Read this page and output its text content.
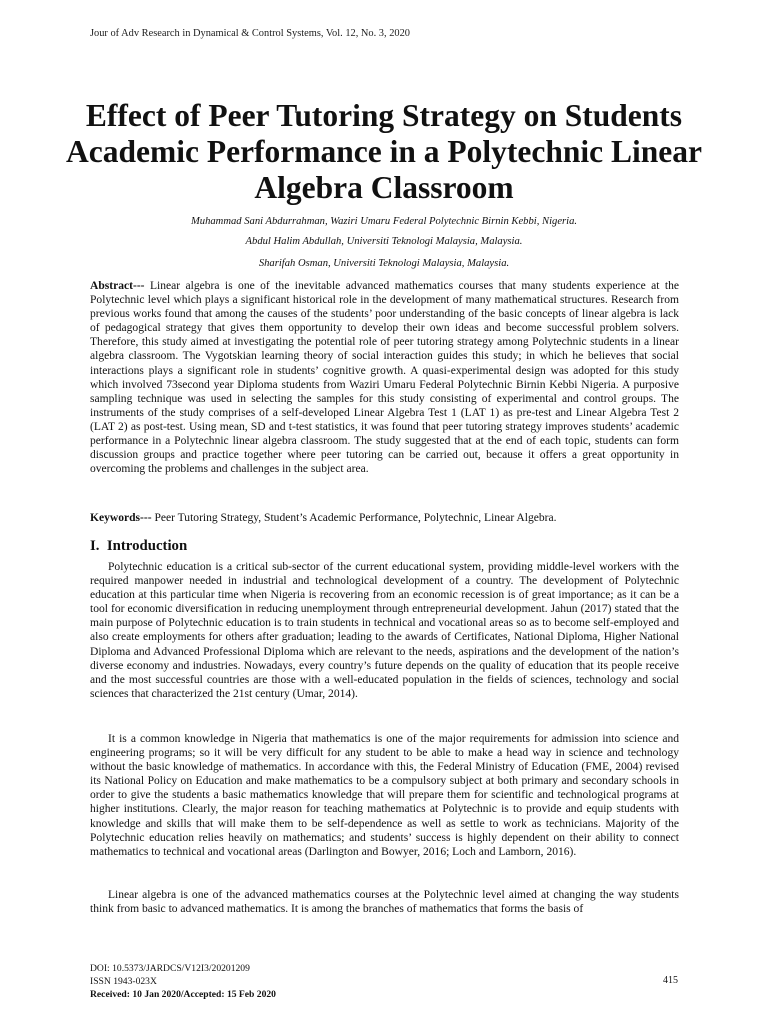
Jour of Adv Research in Dynamical & Control Systems, Vol. 12, No. 3, 2020
Effect of Peer Tutoring Strategy on Students Academic Performance in a Polytechnic Linear Algebra Classroom
Muhammad Sani Abdurrahman, Waziri Umaru Federal Polytechnic Birnin Kebbi, Nigeria.
Abdul Halim Abdullah, Universiti Teknologi Malaysia, Malaysia.
Sharifah Osman, Universiti Teknologi Malaysia, Malaysia.

Abstract--- Linear algebra is one of the inevitable advanced mathematics courses that many students experience at the Polytechnic level which plays a significant historical role in the development of many mathematical structures. Research from previous works found that among the causes of the students’ poor understanding of the basic concepts of linear algebra is lack of pedagogical strategy that gives them opportunity to develop their own ideas and become successful problem solvers. Therefore, this study aimed at investigating the potential role of peer tutoring strategy among Polytechnic students in a linear algebra classroom. The Vygotskian learning theory of social interaction guides this study; in which he believes that social interactions plays a significant role in students’ cognitive growth. A quasi-experimental design was adopted for this study which involved 73second year Diploma students from Waziri Umaru Federal Polytechnic Birnin Kebbi Nigeria. A purposive sampling technique was used in selecting the samples for this study consisting of experimental and control groups. The instruments of the study comprises of a self-developed Linear Algebra Test 1 (LAT 1) as pre-test and Linear Algebra Test 2 (LAT 2) as post-test. Using mean, SD and t-test statistics, it was found that peer tutoring strategy improves students’ academic performance in a Polytechnic linear algebra classroom. The study suggested that at the end of each topic, students can form discussion groups and practice together where peer tutoring can be carried out, because it offers a great opportunity in overcoming the problems and challenges in the subject area.

Keywords--- Peer Tutoring Strategy, Student’s Academic Performance, Polytechnic, Linear Algebra.

I. Introduction

Polytechnic education is a critical sub-sector of the current educational system, providing middle-level workers with the required manpower needed in industrial and technological development of a country. The development of Polytechnic education at this particular time when Nigeria is recovering from an economic recession is of great importance; as it can be a tool for economic diversification in reducing unemployment through entrepreneurial development. Jahun (2017) stated that the main purpose of Polytechnic education is to train students in technical and vocational areas so as to become self-employed and also create employments for others after graduation; leading to the awards of Certificates, National Diploma, Higher National Diploma and Advanced Professional Diploma which are relevant to the needs, aspirations and the development of the nation’s diverse economy and industries. Nowadays, every country’s future depends on the quality of education that its people receive and the most successful countries are those with a well-educated population in the fields of sciences, technology and social sciences that characterized the 21st century (Umar, 2014).

It is a common knowledge in Nigeria that mathematics is one of the major requirements for admission into science and engineering programs; so it will be very difficult for any student to be able to make a head way in science and technology without the basic knowledge of mathematics. In accordance with this, the Federal Ministry of Education (FME, 2004) revised its National Policy on Education and make mathematics to be a compulsory subject at both primary and secondary schools in order to give the students a basic mathematics knowledge that will prepare them for scientific and technological programs at higher institutions. Clearly, the major reason for teaching mathematics at Polytechnic is to provide and equip students with knowledge and skills that will make them to be self-dependence as well as settle to work as technicians. Majority of the Polytechnic education relies heavily on mathematics; and students’ success is highly dependent on their ability to connect mathematics to technical and vocational areas (Darlington and Bowyer, 2016; Loch and Lamborn, 2016).

Linear algebra is one of the advanced mathematics courses at the Polytechnic level aimed at changing the way students think from basic to advanced mathematics. It is among the branches of mathematics that forms the basis of

DOI: 10.5373/JARDCS/V12I3/20201209
ISSN 1943-023X
Received: 10 Jan 2020/Accepted: 15 Feb 2020
415
